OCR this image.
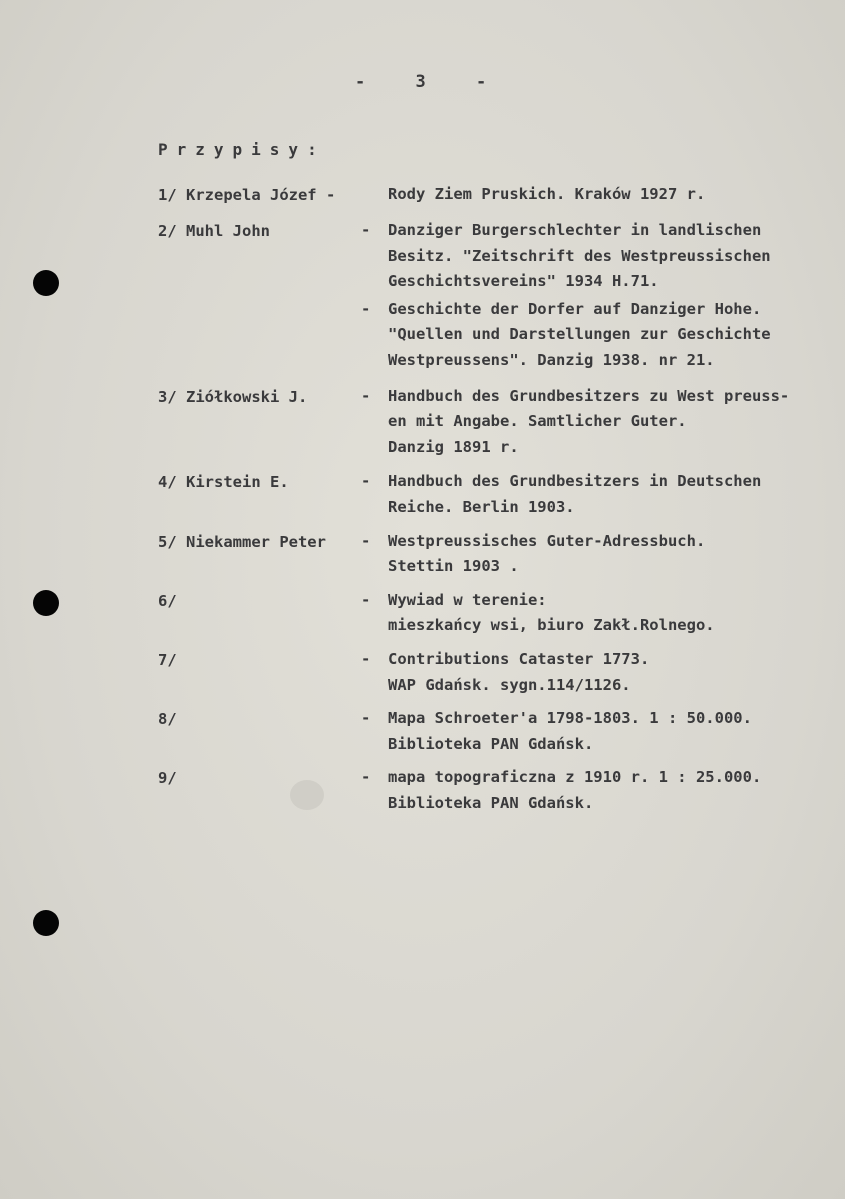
- 3 -
Przypisy:
1/ Krzepela Józef -	Rody Ziem Pruskich. Kraków 1927 r.
2/ Muhl John	-	Danziger Burgerschlechter in landlischen
Besitz. "Zeitschrift des Westpreussischen
Geschichtsvereins" 1934 H.71.
-	Geschichte der Dorfer auf Danziger Hohe.
"Quellen und Darstellungen zur Geschichte
Westpreussens". Danzig 1938. nr 21.
3/ Ziółkowski J.	-	Handbuch des Grundbesitzers zu West preuss-
en mit Angabe. Samtlicher Guter.
Danzig 1891 r.
4/ Kirstein E.	-	Handbuch des Grundbesitzers in Deutschen
Reiche. Berlin 1903.
5/ Niekammer Peter	-	Westpreussisches Guter-Adressbuch.
Stettin 1903 .
6/	-	Wywiad w terenie:
mieszkańcy wsi, biuro Zakł.Rolnego.
7/	-	Contributions Cataster 1773.
WAP Gdańsk. sygn.114/1126.
8/	-	Mapa Schroeter'a 1798-1803. 1 : 50.000.
Biblioteka PAN Gdańsk.
9/	-	mapa topograficzna z 1910 r. 1 : 25.000.
Biblioteka PAN Gdańsk.
